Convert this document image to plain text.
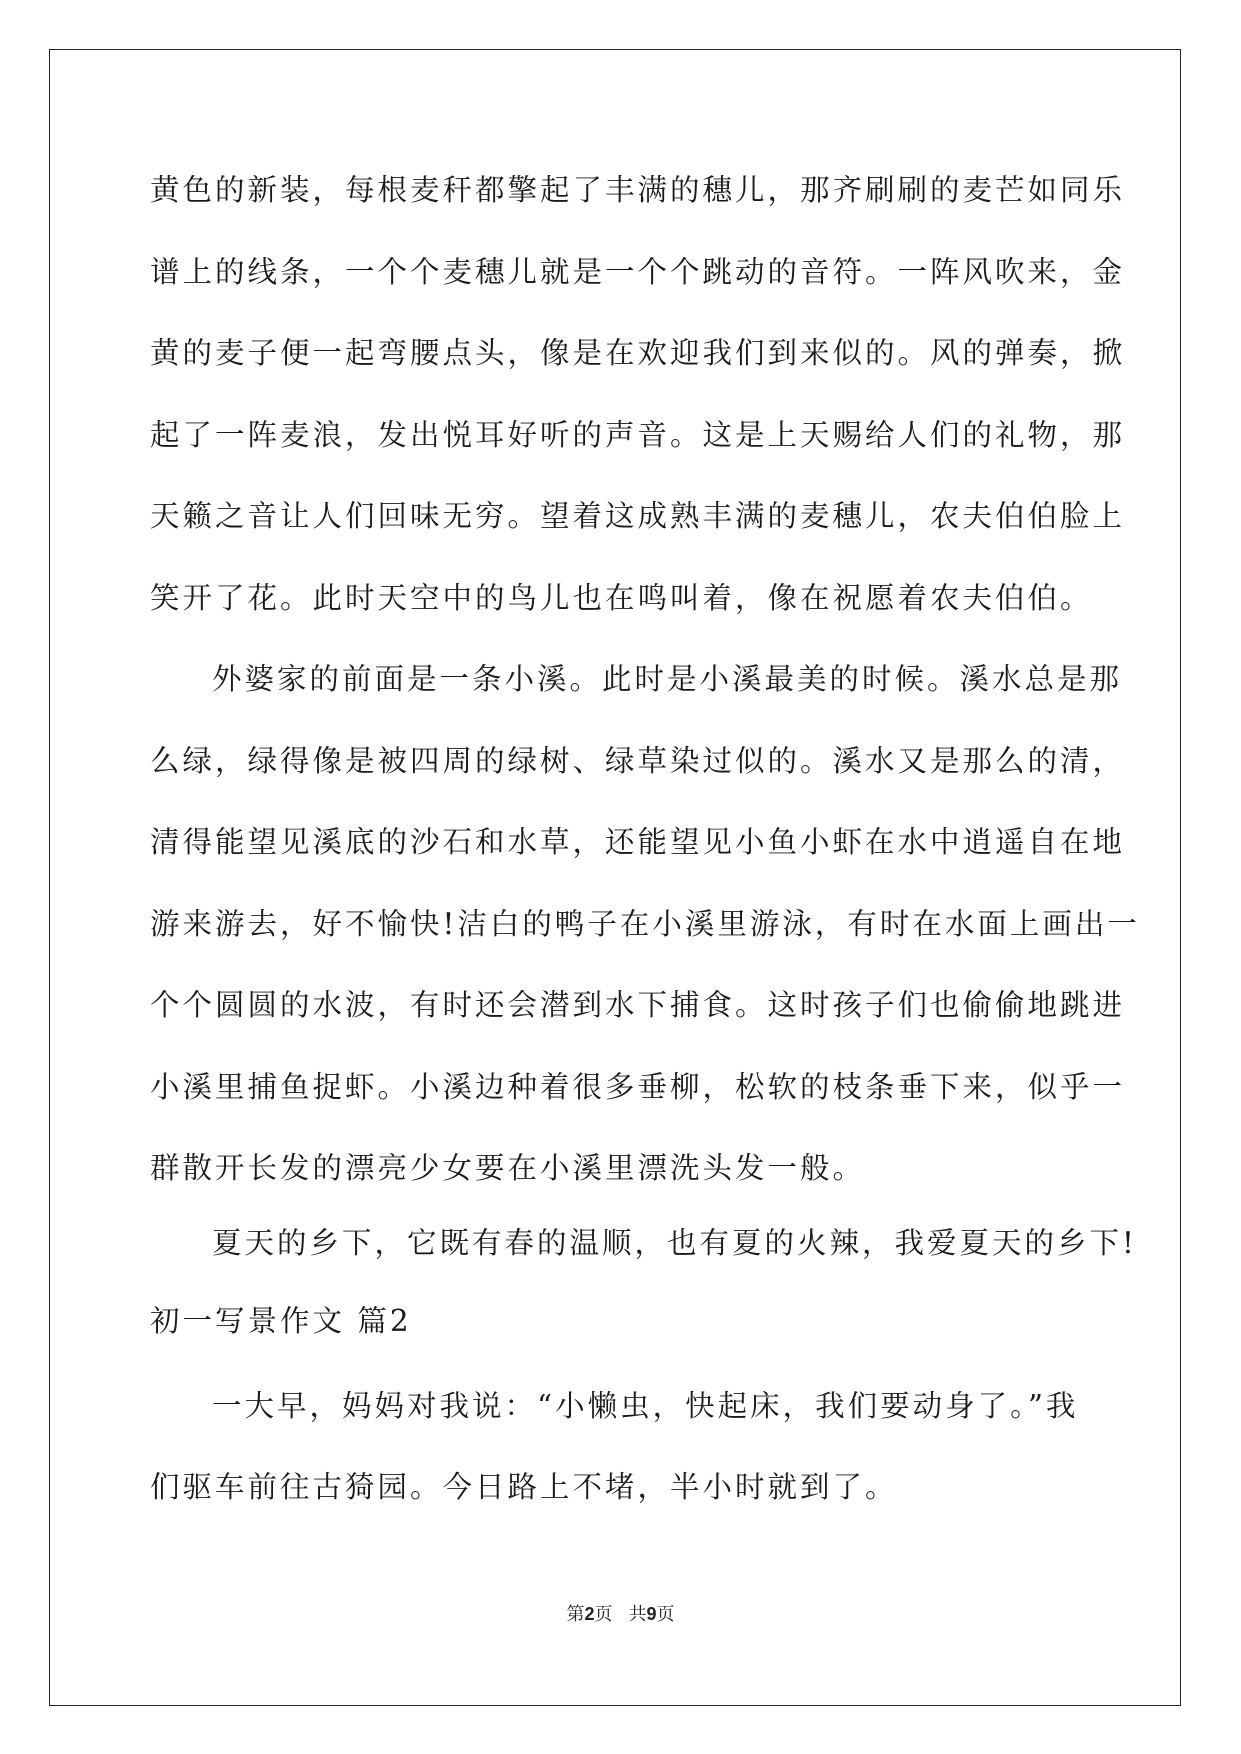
黄色的新装，每根麦秆都擎起了丰满的穗儿，那齐刷刷的麦芒如同乐
谱上的线条，一个个麦穗儿就是一个个跳动的音符。一阵风吹来，金
黄的麦子便一起弯腰点头，像是在欢迎我们到来似的。风的弹奏，掀
起了一阵麦浪，发出悦耳好听的声音。这是上天赐给人们的礼物，那
天籁之音让人们回味无穷。望着这成熟丰满的麦穗儿，农夫伯伯脸上
笑开了花。此时天空中的鸟儿也在鸣叫着，像在祝愿着农夫伯伯。
外婆家的前面是一条小溪。此时是小溪最美的时候。溪水总是那
么绿，绿得像是被四周的绿树、绿草染过似的。溪水又是那么的清，
清得能望见溪底的沙石和水草，还能望见小鱼小虾在水中逍遥自在地
游来游去，好不愉快!洁白的鸭子在小溪里游泳，有时在水面上画出一
个个圆圆的水波，有时还会潜到水下捕食。这时孩子们也偷偷地跳进
小溪里捕鱼捉虾。小溪边种着很多垂柳，松软的枝条垂下来，似乎一
群散开长发的漂亮少女要在小溪里漂洗头发一般。
夏天的乡下，它既有春的温顺，也有夏的火辣，我爱夏天的乡下!
初一写景作文 篇2
一大早，妈妈对我说：“小懒虫，快起床，我们要动身了。”我
们驱车前往古猗园。今日路上不堵，半小时就到了。
第2页 共9页
